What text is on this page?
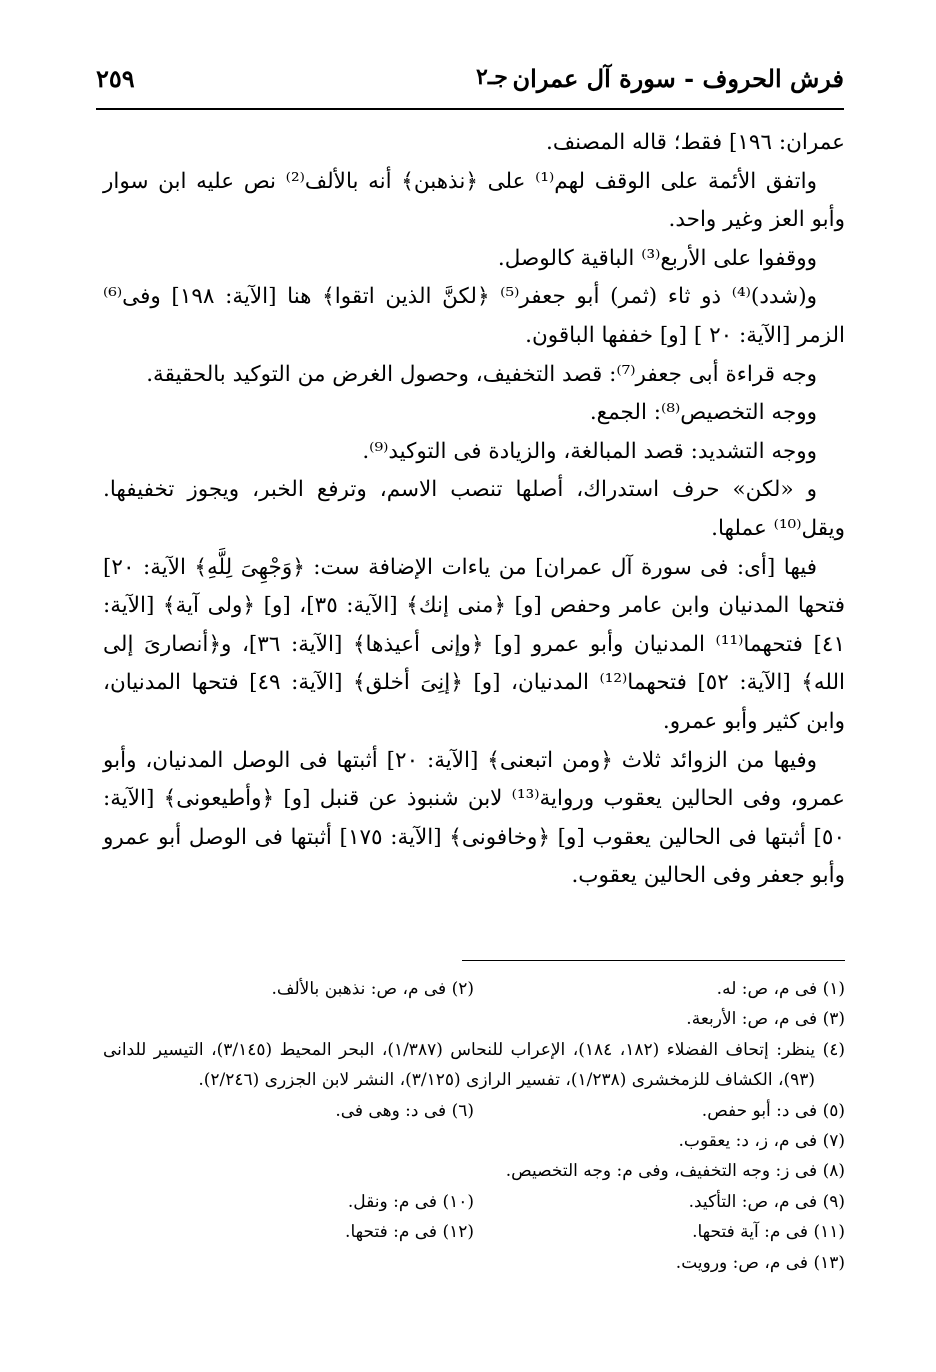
فرش الحروف - سورة آل عمران
جـ٢
٢٥٩

عمران: ١٩٦] فقط؛ قاله المصنف.

واتفق الأئمة على الوقف لهم⁽¹⁾ على ﴿نذهبن﴾ أنه بالألف⁽²⁾ نص عليه ابن سوار وأبو العز وغير واحد.

ووقفوا على الأربع⁽³⁾ الباقية كالوصل.

و(شدد)⁽⁴⁾ ذو ثاء (ثمر) أبو جعفر⁽⁵⁾ ﴿لكنَّ الذين اتقوا﴾ هنا [الآية: ١٩٨] وفى⁽⁶⁾ الزمر [الآية: ٢٠ ] [و] خففها الباقون.

وجه قراءة أبى جعفر⁽⁷⁾: قصد التخفيف، وحصول الغرض من التوكيد بالحقيقة.

ووجه التخصيص⁽⁸⁾: الجمع.

ووجه التشديد: قصد المبالغة، والزيادة فى التوكيد⁽⁹⁾.

و «لكن» حرف استدراك، أصلها تنصب الاسم، وترفع الخبر، ويجوز تخفيفها. ويقل⁽¹⁰⁾ عملها.

فيها [أى: فى سورة آل عمران] من ياءات الإضافة ست: ﴿وَجْهِىَ لِلَّهِ﴾ الآية: ٢٠] فتحها المدنيان وابن عامر وحفص [و] ﴿منى إنك﴾ [الآية: ٣٥]، [و] ﴿ولى آية﴾ [الآية: ٤١] فتحهما⁽¹¹⁾ المدنيان وأبو عمرو [و] ﴿وإنى أعيذها﴾ [الآية: ٣٦]، و﴿أنصارىَ إلى الله﴾ [الآية: ٥٢] فتحهما⁽¹²⁾ المدنيان، [و] ﴿إنِىَ أخلق﴾ [الآية: ٤٩] فتحها المدنيان، وابن كثير وأبو عمرو.

وفيها من الزوائد ثلاث ﴿ومن اتبعنى﴾ [الآية: ٢٠] أثبتها فى الوصل المدنيان، وأبو عمرو، وفى الحالين يعقوب ورواية⁽¹³⁾ لابن شنبوذ عن قنبل [و] ﴿وأطيعونى﴾ [الآية: ٥٠] أثبتها فى الحالين يعقوب [و] ﴿وخافونى﴾ [الآية: ١٧٥] أثبتها فى الوصل أبو عمرو وأبو جعفر وفى الحالين يعقوب.

(١) فى م، ص: له.
(٢) فى م، ص: نذهبن بالألف.
(٣) فى م، ص: الأربعة.
(٤) ينظر: إتحاف الفضلاء (١٨٢، ١٨٤)، الإعراب للنحاس (١/٣٨٧)، البحر المحيط (٣/١٤٥)، التيسير للدانى (٩٣)، الكشاف للزمخشرى (١/٢٣٨)، تفسير الرازى (٣/١٢٥)، النشر لابن الجزرى (٢/٢٤٦).
(٥) فى د: أبو حفص.
(٦) فى د: وهى فى.
(٧) فى م، ز، د: يعقوب.
(٨) فى ز: وجه التخفيف، وفى م: وجه التخصيص.
(٩) فى م، ص: التأكيد.
(١٠) فى م: ونقل.
(١١) فى م: آية فتحها.
(١٢) فى م: فتحها.
(١٣) فى م، ص: ورويت.
